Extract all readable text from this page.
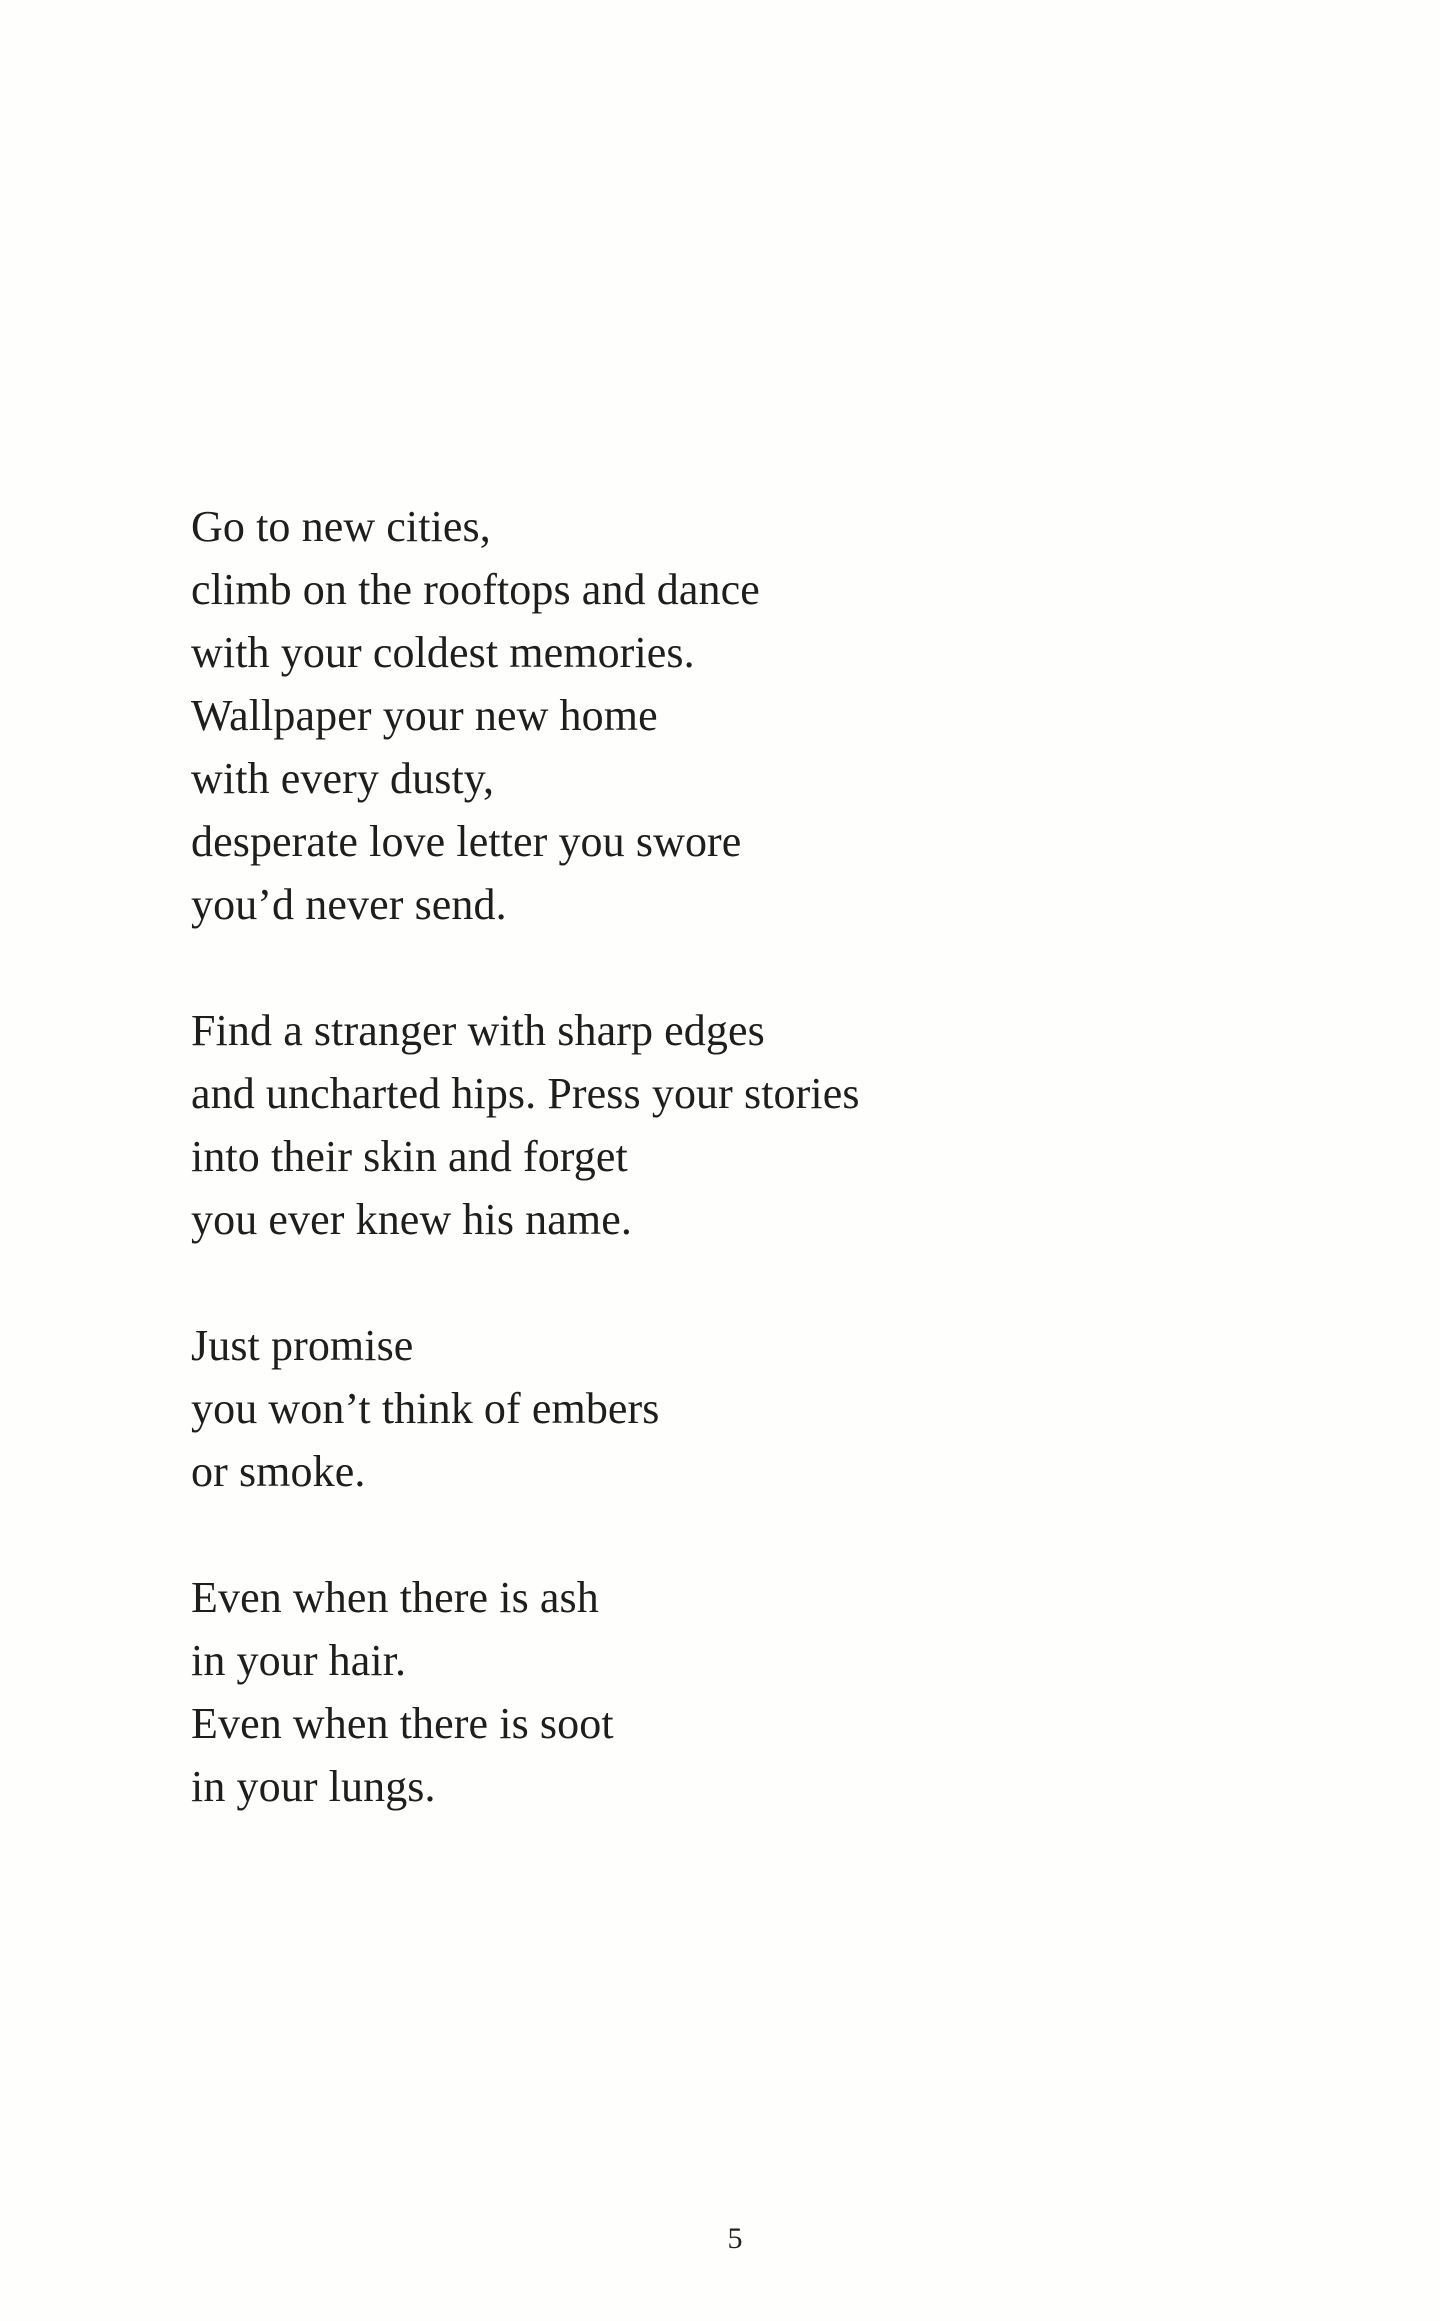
Go to new cities,
climb on the rooftops and dance
with your coldest memories.
Wallpaper your new home
with every dusty,
desperate love letter you swore
you’d never send.
Find a stranger with sharp edges
and uncharted hips. Press your stories
into their skin and forget
you ever knew his name.
Just promise
you won’t think of embers
or smoke.
Even when there is ash
in your hair.
Even when there is soot
in your lungs.
5
